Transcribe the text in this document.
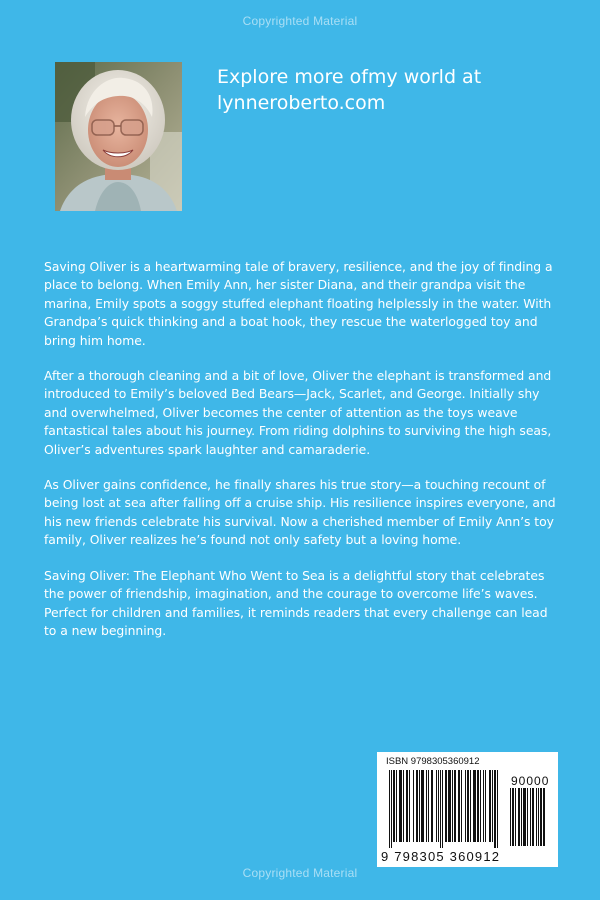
Copyrighted Material
Explore more ofmy world at
lynneroberto.com

Saving Oliver is a heartwarming tale of bravery, resilience, and the joy of finding a place to belong. When Emily Ann, her sister Diana, and their grandpa visit the marina, Emily spots a soggy stuffed elephant floating helplessly in the water. With Grandpa’s quick thinking and a boat hook, they rescue the waterlogged toy and bring him home.

After a thorough cleaning and a bit of love, Oliver the elephant is transformed and introduced to Emily’s beloved Bed Bears—Jack, Scarlet, and George. Initially shy and overwhelmed, Oliver becomes the center of attention as the toys weave fantastical tales about his journey. From riding dolphins to surviving the high seas, Oliver’s adventures spark laughter and camaraderie.

As Oliver gains confidence, he finally shares his true story—a touching recount of being lost at sea after falling off a cruise ship. His resilience inspires everyone, and his new friends celebrate his survival. Now a cherished member of Emily Ann’s toy family, Oliver realizes he’s found not only safety but a loving home.

Saving Oliver: The Elephant Who Went to Sea is a delightful story that celebrates the power of friendship, imagination, and the courage to overcome life’s waves. Perfect for children and families, it reminds readers that every challenge can lead to a new beginning.

ISBN 9798305360912
90000
9 798305 360912
Copyrighted Material
